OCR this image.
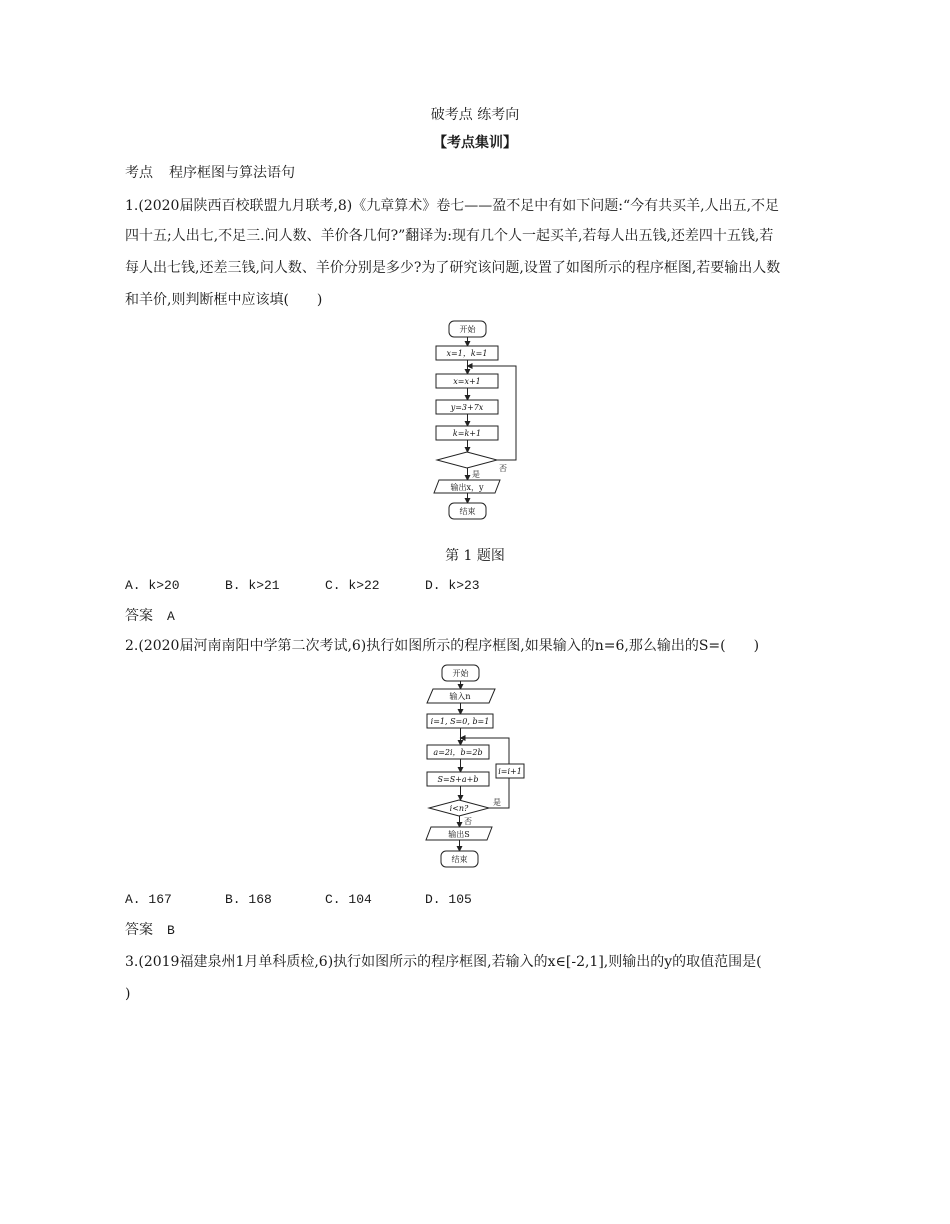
破考点 练考向
【考点集训】
考点 程序框图与算法语句
1.(2020届陕西百校联盟九月联考,8)《九章算术》卷七——盈不足中有如下问题:“今有共买羊,人出五,不足
四十五;人出七,不足三.问人数、羊价各几何?”翻译为:现有几个人一起买羊,若每人出五钱,还差四十五钱,若
每人出七钱,还差三钱,问人数、羊价分别是多少?为了研究该问题,设置了如图所示的程序框图,若要输出人数
和羊价,则判断框中应该填(　　)
开始
x=1，k=1
x=x+1
y=3+7x
k=k+1
否
是
输出x，y
结束
第 1 题图
A. k>20	B. k>21	C. k>22	D. k>23
答案 A
2.(2020届河南南阳中学第二次考试,6)执行如图所示的程序框图,如果输入的n=6,那么输出的S=(　　)
开始
输入n
i=1, S=0, b=1
a=2i，b=2b
S=S+a+b
i<n?
i=i+1
是
否
输出S
结束
A. 167	B. 168	C. 104	D. 105
答案 B
3.(2019福建泉州1月单科质检,6)执行如图所示的程序框图,若输入的x∈[-2,1],则输出的y的取值范围是(
)
